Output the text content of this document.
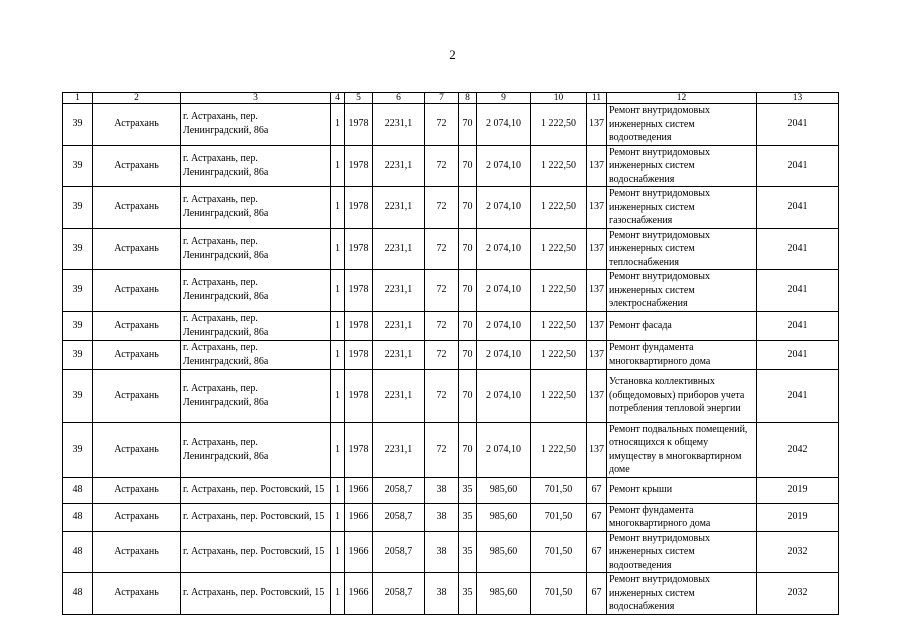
2
1	2	3	4	5	6	7	8	9	10	11	12	13
39	Астрахань	г. Астрахань, пер. Ленинградский, 86а	1	1978	2231,1	72	70	2 074,10	1 222,50	137	Ремонт внутридомовых инженерных систем водоотведения	2041
39	Астрахань	г. Астрахань, пер. Ленинградский, 86а	1	1978	2231,1	72	70	2 074,10	1 222,50	137	Ремонт внутридомовых инженерных систем водоснабжения	2041
39	Астрахань	г. Астрахань, пер. Ленинградский, 86а	1	1978	2231,1	72	70	2 074,10	1 222,50	137	Ремонт внутридомовых инженерных систем газоснабжения	2041
39	Астрахань	г. Астрахань, пер. Ленинградский, 86а	1	1978	2231,1	72	70	2 074,10	1 222,50	137	Ремонт внутридомовых инженерных систем теплоснабжения	2041
39	Астрахань	г. Астрахань, пер. Ленинградский, 86а	1	1978	2231,1	72	70	2 074,10	1 222,50	137	Ремонт внутридомовых инженерных систем электроснабжения	2041
39	Астрахань	г. Астрахань, пер. Ленинградский, 86а	1	1978	2231,1	72	70	2 074,10	1 222,50	137	Ремонт фасада	2041
39	Астрахань	г. Астрахань, пер. Ленинградский, 86а	1	1978	2231,1	72	70	2 074,10	1 222,50	137	Ремонт фундамента многоквартирного дома	2041
39	Астрахань	г. Астрахань, пер. Ленинградский, 86а	1	1978	2231,1	72	70	2 074,10	1 222,50	137	Установка коллективных (общедомовых) приборов учета потребления тепловой энергии	2041
39	Астрахань	г. Астрахань, пер. Ленинградский, 86а	1	1978	2231,1	72	70	2 074,10	1 222,50	137	Ремонт подвальных помещений, относящихся к общему имуществу в многоквартирном доме	2042
48	Астрахань	г. Астрахань, пер. Ростовский, 15	1	1966	2058,7	38	35	985,60	701,50	67	Ремонт крыши	2019
48	Астрахань	г. Астрахань, пер. Ростовский, 15	1	1966	2058,7	38	35	985,60	701,50	67	Ремонт фундамента многоквартирного дома	2019
48	Астрахань	г. Астрахань, пер. Ростовский, 15	1	1966	2058,7	38	35	985,60	701,50	67	Ремонт внутридомовых инженерных систем водоотведения	2032
48	Астрахань	г. Астрахань, пер. Ростовский, 15	1	1966	2058,7	38	35	985,60	701,50	67	Ремонт внутридомовых инженерных систем водоснабжения	2032
